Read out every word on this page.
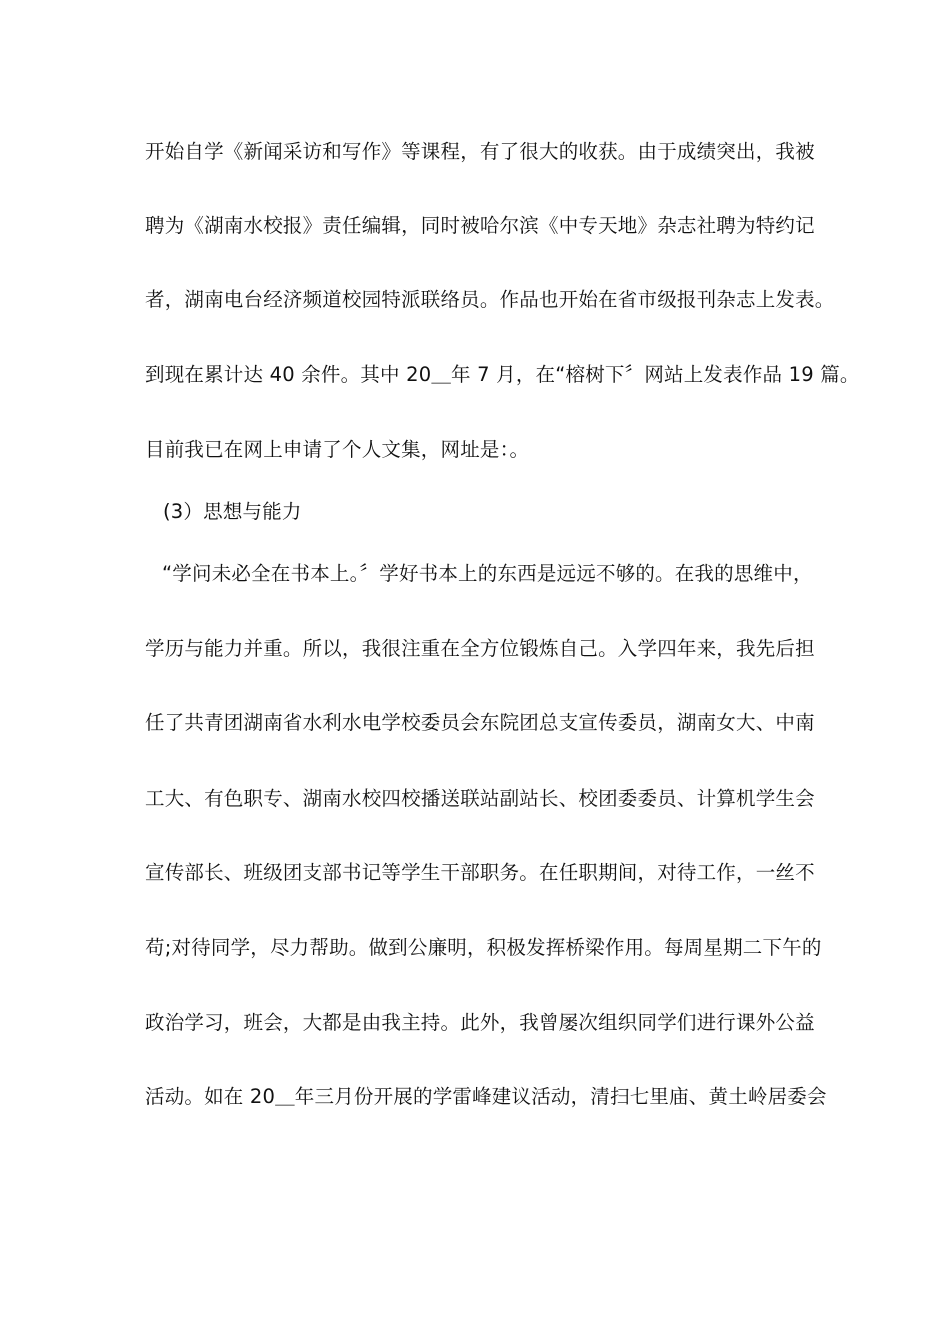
开始自学《新闻采访和写作》等课程，有了很大的收获。由于成绩突出，我被
聘为《湖南水校报》责任编辑，同时被哈尔滨《中专天地》杂志社聘为特约记
者，湖南电台经济频道校园特派联络员。作品也开始在省市级报刊杂志上发表。
到现在累计达 40 余件。其中 20＿年 7 月，在“榕树下〞网站上发表作品 19 篇。
目前我已在网上申请了个人文集，网址是：。
(3）思想与能力
“学问未必全在书本上。〞学好书本上的东西是远远不够的。在我的思维中，
学历与能力并重。所以，我很注重在全方位锻炼自己。入学四年来，我先后担
任了共青团湖南省水利水电学校委员会东院团总支宣传委员，湖南女大、中南
工大、有色职专、湖南水校四校播送联站副站长、校团委委员、计算机学生会
宣传部长、班级团支部书记等学生干部职务。在任职期间，对待工作，一丝不
苟;对待同学，尽力帮助。做到公廉明，积极发挥桥梁作用。每周星期二下午的
政治学习，班会，大都是由我主持。此外，我曾屡次组织同学们进行课外公益
活动。如在 20＿年三月份开展的学雷峰建议活动，清扫七里庙、黄土岭居委会
